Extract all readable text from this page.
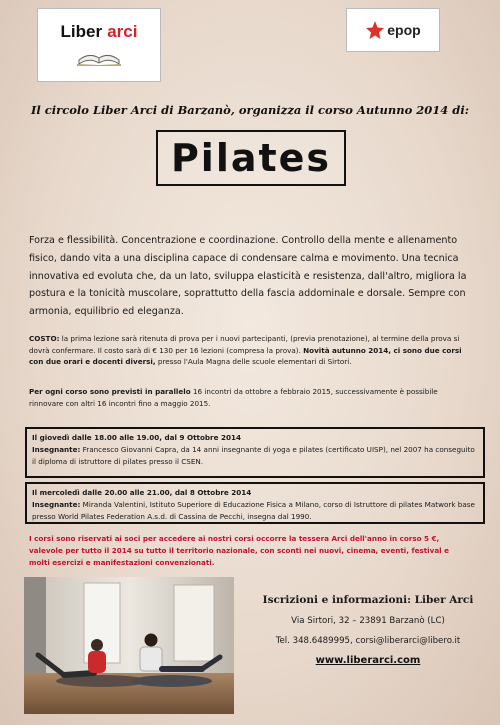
Liber arci	epop
Il circolo Liber Arci di Barzanò, organizza il corso Autunno 2014 di:
Pilates
Forza e flessibilità. Concentrazione e coordinazione. Controllo della mente e allenamento fisico, dando vita a una disciplina capace di condensare calma e movimento. Una tecnica innovativa ed evoluta che, da un lato, sviluppa elasticità e resistenza, dall'altro, migliora la postura e la tonicità muscolare, soprattutto della fascia addominale e dorsale. Sempre con armonia, equilibrio ed eleganza.
COSTO: la prima lezione sarà ritenuta di prova per i nuovi partecipanti, (previa prenotazione), al termine della prova si dovrà confermare. Il costo sarà di € 130 per 16 lezioni (compresa la prova). Novità autunno 2014, ci sono due corsi con due orari e docenti diversi, presso l'Aula Magna delle scuole elementari di Sirtori.
Per ogni corso sono previsti in parallelo 16 incontri da ottobre a febbraio 2015, successivamente è possibile rinnovare con altri 16 incontri fino a maggio 2015.
Il giovedì dalle 18.00 alle 19.00, dal 9 Ottobre 2014
Insegnante: Francesco Giovanni Capra, da 14 anni insegnante di yoga e pilates (certificato UISP), nel 2007 ha conseguito il diploma di istruttore di pilates presso il CSEN.
Il mercoledì dalle 20.00 alle 21.00, dal 8 Ottobre 2014
Insegnante: Miranda Valentini, Istituto Superiore di Educazione Fisica a Milano, corso di Istruttore di pilates Matwork base presso World Pilates Federation A.s.d. di Cassina de Pecchi, insegna dal 1990.
I corsi sono riservati ai soci per accedere ai nostri corsi occorre la tessera Arci dell'anno in corso 5 €, valevole per tutto il 2014 su tutto il territorio nazionale, con sconti nei nuovi, cinema, eventi, festival e molti esercizi e manifestazioni convenzionati.
Iscrizioni e informazioni: Liber Arci
Via Sirtori, 32 – 23891 Barzanò (LC)
Tel. 348.6489995, corsi@liberarci@libero.it
www.liberarci.com
